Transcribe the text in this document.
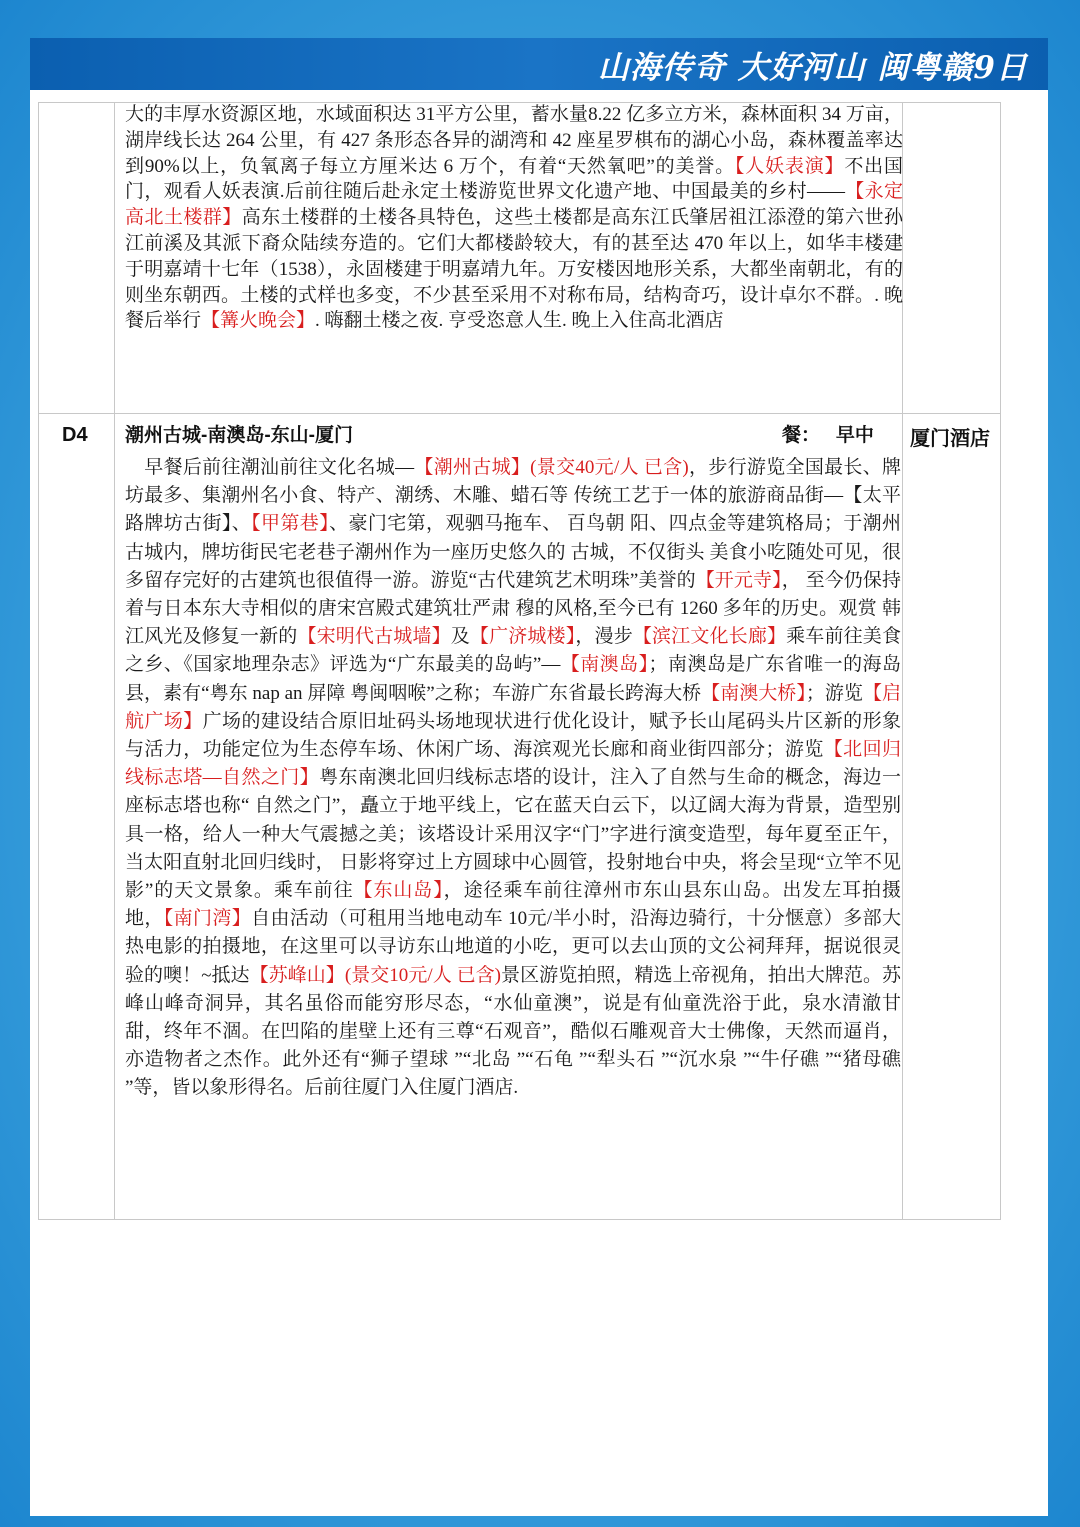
山海传奇 大好河山 闽粤赣9日
大的丰厚水资源区地，水域面积达 31平方公里，蓄水量8.22 亿多立方米，森林面积 34 万亩，湖岸线长达 264 公里，有 427 条形态各异的湖湾和 42 座星罗棋布的湖心小岛，森林覆盖率达到90%以上，负氧离子每立方厘米达 6 万个，有着“天然氧吧”的美誉。【人妖表演】不出国门，观看人妖表演.后前往随后赴永定土楼游览世界文化遗产地、中国最美的乡村——【永定高北土楼群】高东土楼群的土楼各具特色，这些土楼都是高东江氏肇居祖江添澄的第六世孙江前溪及其派下裔众陆续夯造的。它们大都楼龄较大，有的甚至达 470 年以上，如华丰楼建于明嘉靖十七年（1538），永固楼建于明嘉靖九年。万安楼因地形关系，大都坐南朝北，有的则坐东朝西。土楼的式样也多变，不少甚至采用不对称布局，结构奇巧，设计卓尔不群。. 晚餐后举行【篝火晚会】. 嗨翻土楼之夜. 亨受恣意人生. 晚上入住高北酒店
D4 潮州古城-南澳岛-东山-厦门	餐： 早中 厦门酒店
　早餐后前往潮汕前往文化名城—【潮州古城】(景交40元/人 已含)，步行游览全国最长、牌坊最多、集潮州名小食、特产、潮绣、木雕、蜡石等 传统工艺于一体的旅游商品街—【太平路牌坊古街】、【甲第巷】、豪门宅第，观驷马拖车、 百鸟朝 阳、四点金等建筑格局；于潮州古城内，牌坊街民宅老巷子潮州作为一座历史悠久的 古城，不仅街头 美食小吃随处可见，很多留存完好的古建筑也很值得一游。游览“古代建筑艺术明珠”美誉的【开元寺】， 至今仍保持着与日本东大寺相似的唐宋宫殿式建筑壮严肃 穆的风格,至今已有 1260 多年的历史。观赏 韩江风光及修复一新的【宋明代古城墙】及【广济城楼】，漫步【滨江文化长廊】乘车前往美食之乡、《国家地理杂志》评选为“广东最美的岛屿”—【南澳岛】；南澳岛是广东省唯一的海岛县，素有“粤东 nap an 屏障 粤闽咽喉”之称；车游广东省最长跨海大桥【南澳大桥】；游览【启航广场】广场的建设结合原旧址码头场地现状进行优化设计，赋予长山尾码头片区新的形象与活力，功能定位为生态停车场、休闲广场、海滨观光长廊和商业街四部分；游览【北回归线标志塔—自然之门】粤东南澳北回归线标志塔的设计，注入了自然与生命的概念，海边一座标志塔也称“ 自然之门”，矗立于地平线上，它在蓝天白云下，以辽阔大海为背景，造型别具一格，给人一种大气震撼之美；该塔设计采用汉字“门”字进行演变造型，每年夏至正午，当太阳直射北回归线时， 日影将穿过上方圆球中心圆管，投射地台中央，将会呈现“立竿不见影”的天文景象。乘车前往【东山岛】，途径乘车前往漳州市东山县东山岛。出发左耳拍摄地，【南门湾】自由活动（可租用当地电动车 10元/半小时，沿海边骑行，十分惬意）多部大热电影的拍摄地，在这里可以寻访东山地道的小吃，更可以去山顶的文公祠拜拜，据说很灵验的噢！~抵达【苏峰山】(景交10元/人 已含)景区游览拍照，精选上帝视角，拍出大牌范。苏峰山峰奇洞异，其名虽俗而能穷形尽态，“水仙童澳”，说是有仙童洗浴于此，泉水清澈甘甜，终年不涸。在凹陷的崖壁上还有三尊“石观音”，酷似石雕观音大士佛像，天然而逼肖，亦造物者之杰作。此外还有“狮子望球 ”“北岛 ”“石龟 ”“犁头石 ”“沉水泉 ”“牛仔礁 ”“猪母礁 ”等，皆以象形得名。后前往厦门入住厦门酒店.
